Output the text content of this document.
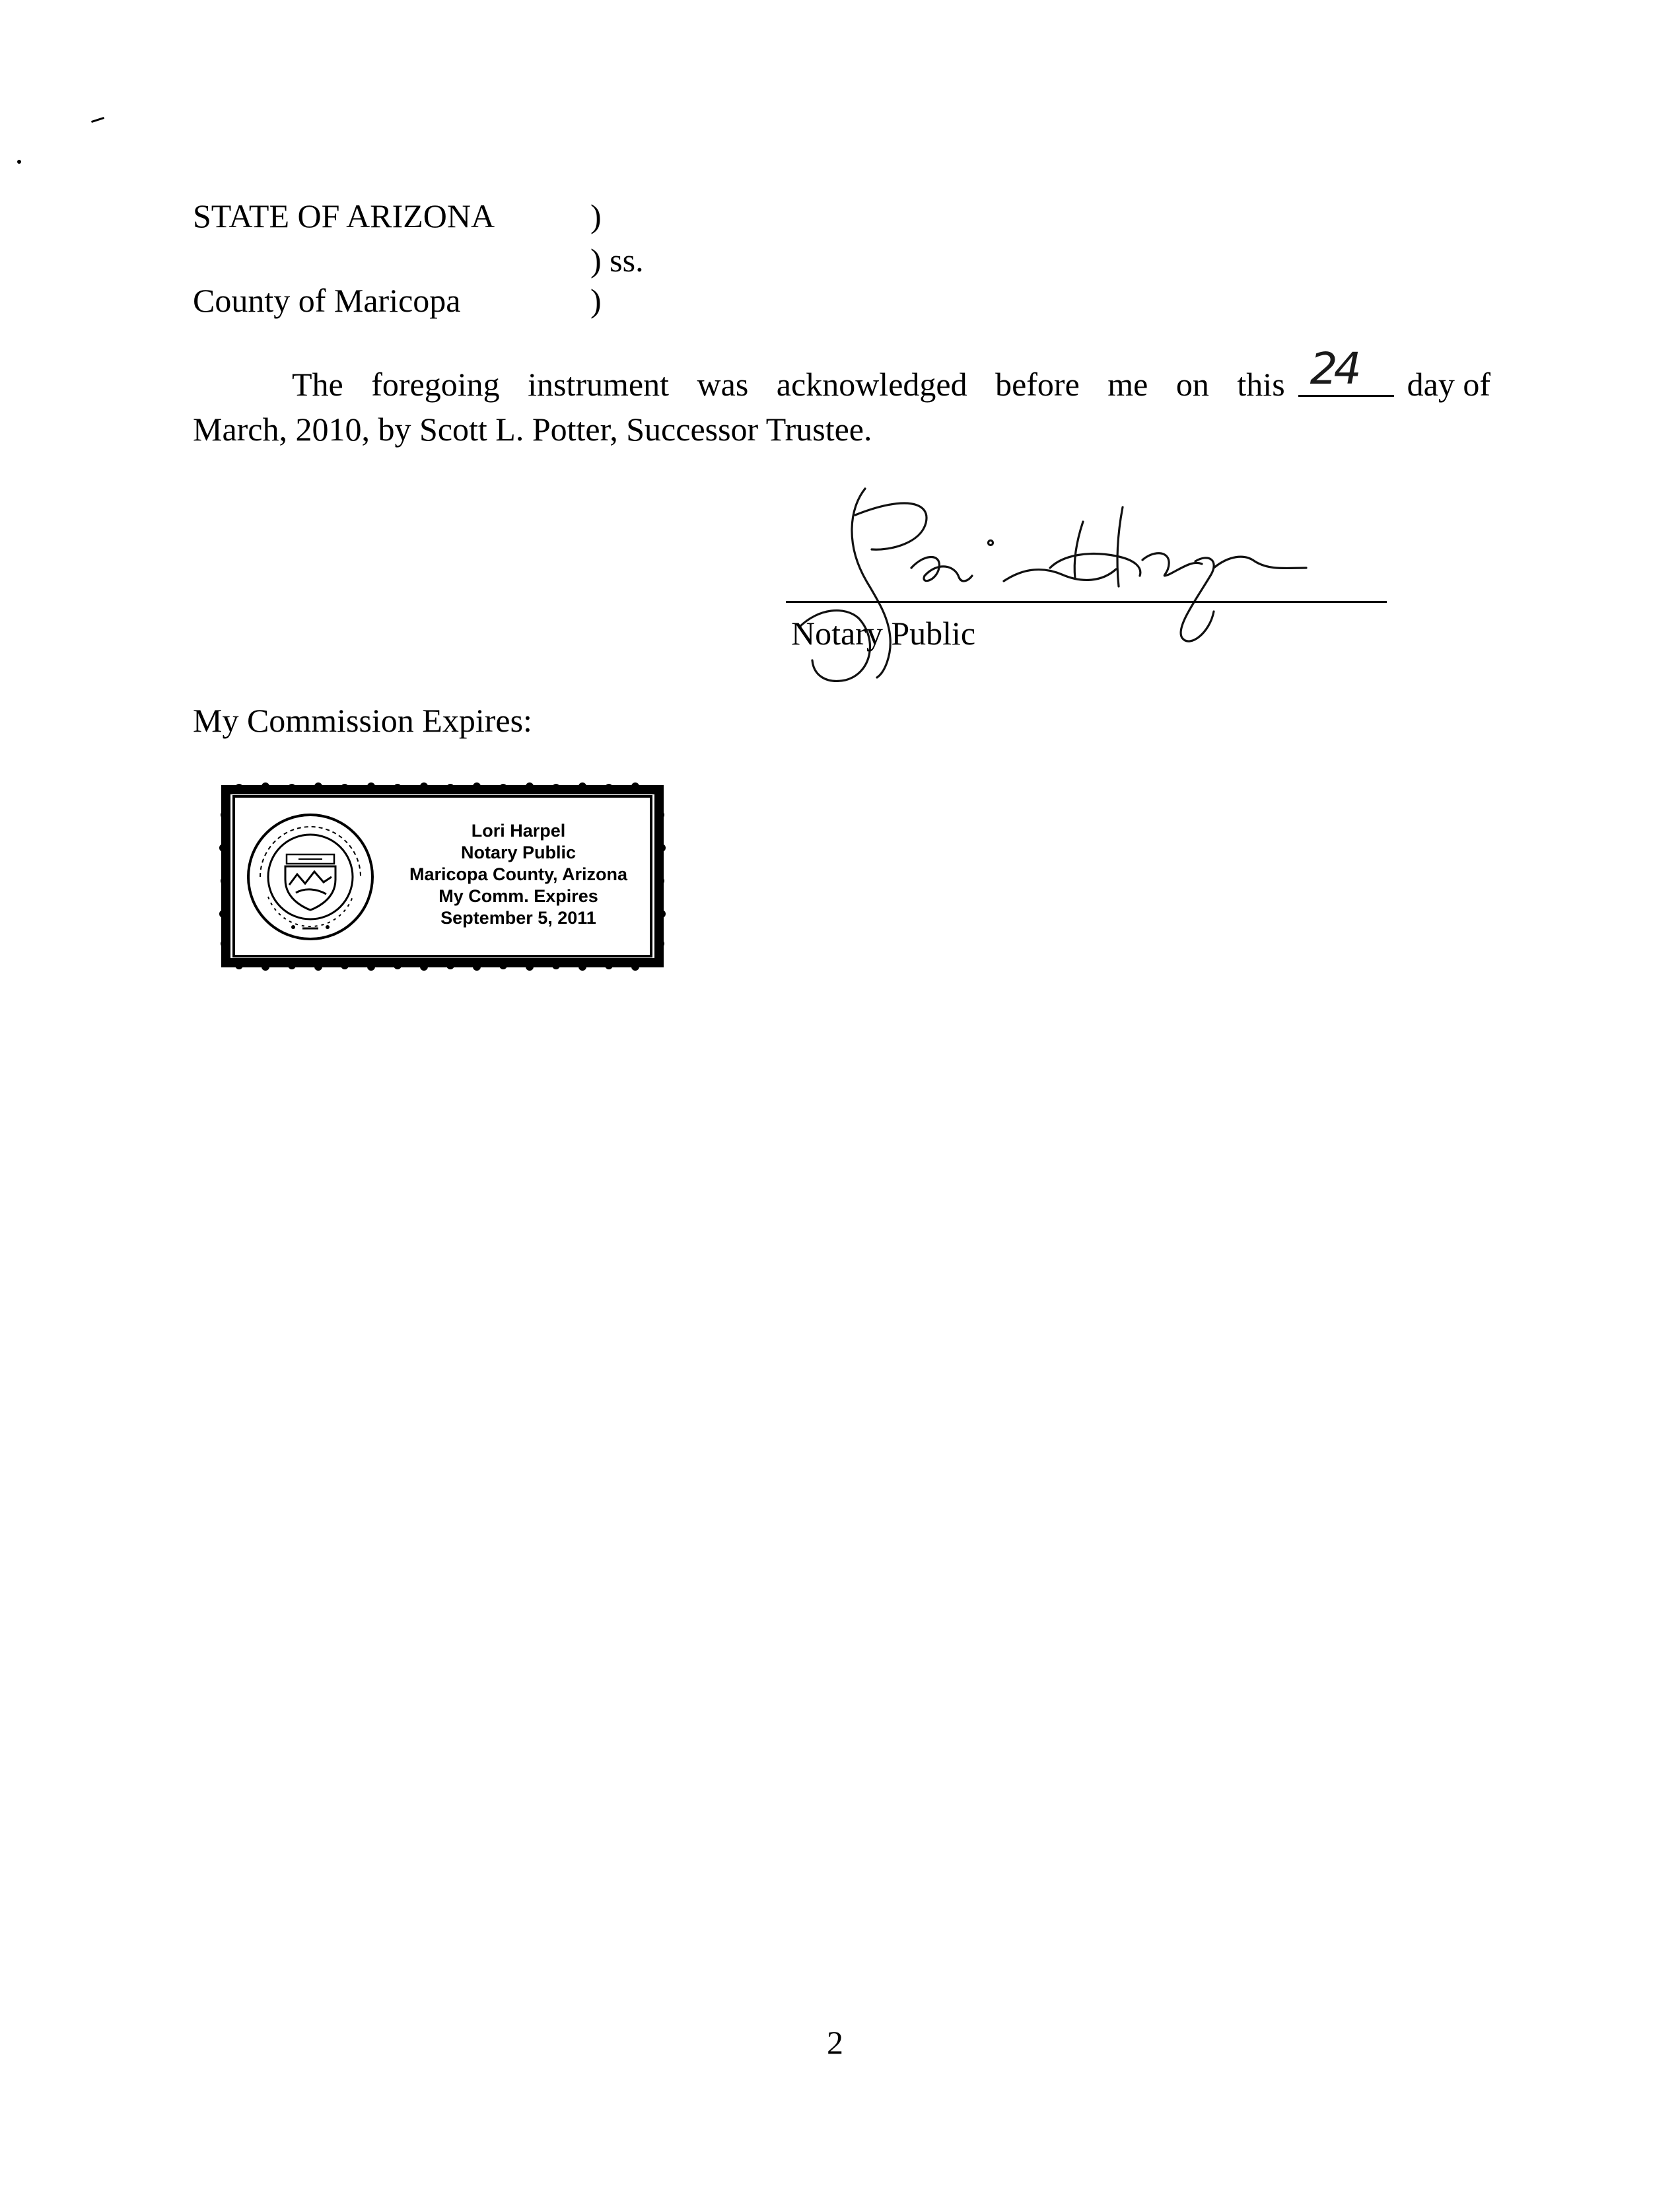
STATE OF ARIZONA	)
) ss.
County of Maricopa	)
The foregoing instrument was acknowledged before me on this 24 day of
March, 2010, by Scott L. Potter, Successor Trustee.
Notary Public
My Commission Expires:
Lori Harpel
Notary Public
Maricopa County, Arizona
My Comm. Expires
September 5, 2011
2
